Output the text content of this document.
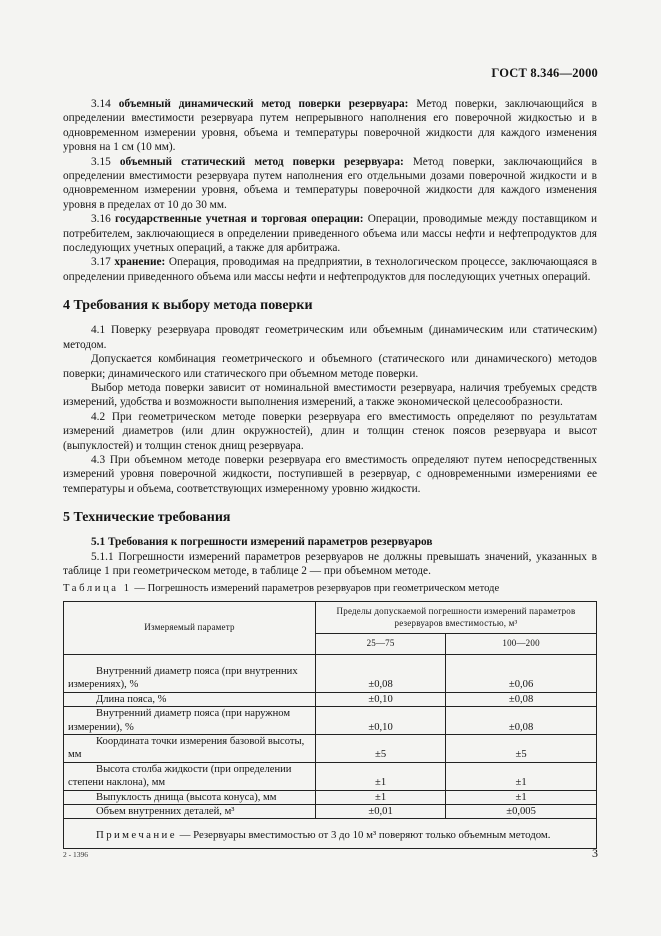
ГОСТ 8.346—2000

3.14 объемный динамический метод поверки резервуара: Метод поверки, заключающийся в определении вместимости резервуара путем непрерывного наполнения его поверочной жидкостью и в одновременном измерении уровня, объема и температуры поверочной жидкости для каждого изменения уровня на 1 см (10 мм).

3.15 объемный статический метод поверки резервуара: Метод поверки, заключающийся в определении вместимости резервуара путем наполнения его отдельными дозами поверочной жидкости и в одновременном измерении уровня, объема и температуры поверочной жидкости для каждого изменения уровня в пределах от 10 до 30 мм.

3.16 государственные учетная и торговая операции: Операции, проводимые между поставщиком и потребителем, заключающиеся в определении приведенного объема или массы нефти и нефтепродуктов для последующих учетных операций, а также для арбитража.

3.17 хранение: Операция, проводимая на предприятии, в технологическом процессе, заключающаяся в определении приведенного объема или массы нефти и нефтепродуктов для последующих учетных операций.

4 Требования к выбору метода поверки

4.1 Поверку резервуара проводят геометрическим или объемным (динамическим или статическим) методом.

Допускается комбинация геометрического и объемного (статического или динамического) методов поверки; динамического или статического при объемном методе поверки.

Выбор метода поверки зависит от номинальной вместимости резервуара, наличия требуемых средств измерений, удобства и возможности выполнения измерений, а также экономической целесообразности.

4.2 При геометрическом методе поверки резервуара его вместимость определяют по результатам измерений диаметров (или длин окружностей), длин и толщин стенок поясов резервуара и высот (выпуклостей) и толщин стенок днищ резервуара.

4.3 При объемном методе поверки резервуара его вместимость определяют путем непосредственных измерений уровня поверочной жидкости, поступившей в резервуар, с одновременными измерениями ее температуры и объема, соответствующих измеренному уровню жидкости.

5 Технические требования
5.1 Требования к погрешности измерений параметров резервуаров

5.1.1 Погрешности измерений параметров резервуаров не должны превышать значений, указанных в таблице 1 при геометрическом методе, в таблице 2 — при объемном методе.

Таблица 1 — Погрешность измерений параметров резервуаров при геометрическом методе
Измеряемый параметр	Пределы допускаемой погрешности измерений параметров резервуаров вместимостью, м³	
	25—75	100—200
Внутренний диаметр пояса (при внутренних измерениях), %	±0,08	±0,06
Длина пояса, %	±0,10	±0,08
Внутренний диаметр пояса (при наружном измерении), %	±0,10	±0,08
Координата точки измерения базовой высоты, мм	±5	±5
Высота столба жидкости (при определении степени наклона), мм	±1	±1
Выпуклость днища (высота конуса), мм	±1	±1
Объем внутренних деталей, м³	±0,01	±0,005
Примечание — Резервуары вместимостью от 3 до 10 м³ поверяют только объемным методом.		
2 - 1396	3
